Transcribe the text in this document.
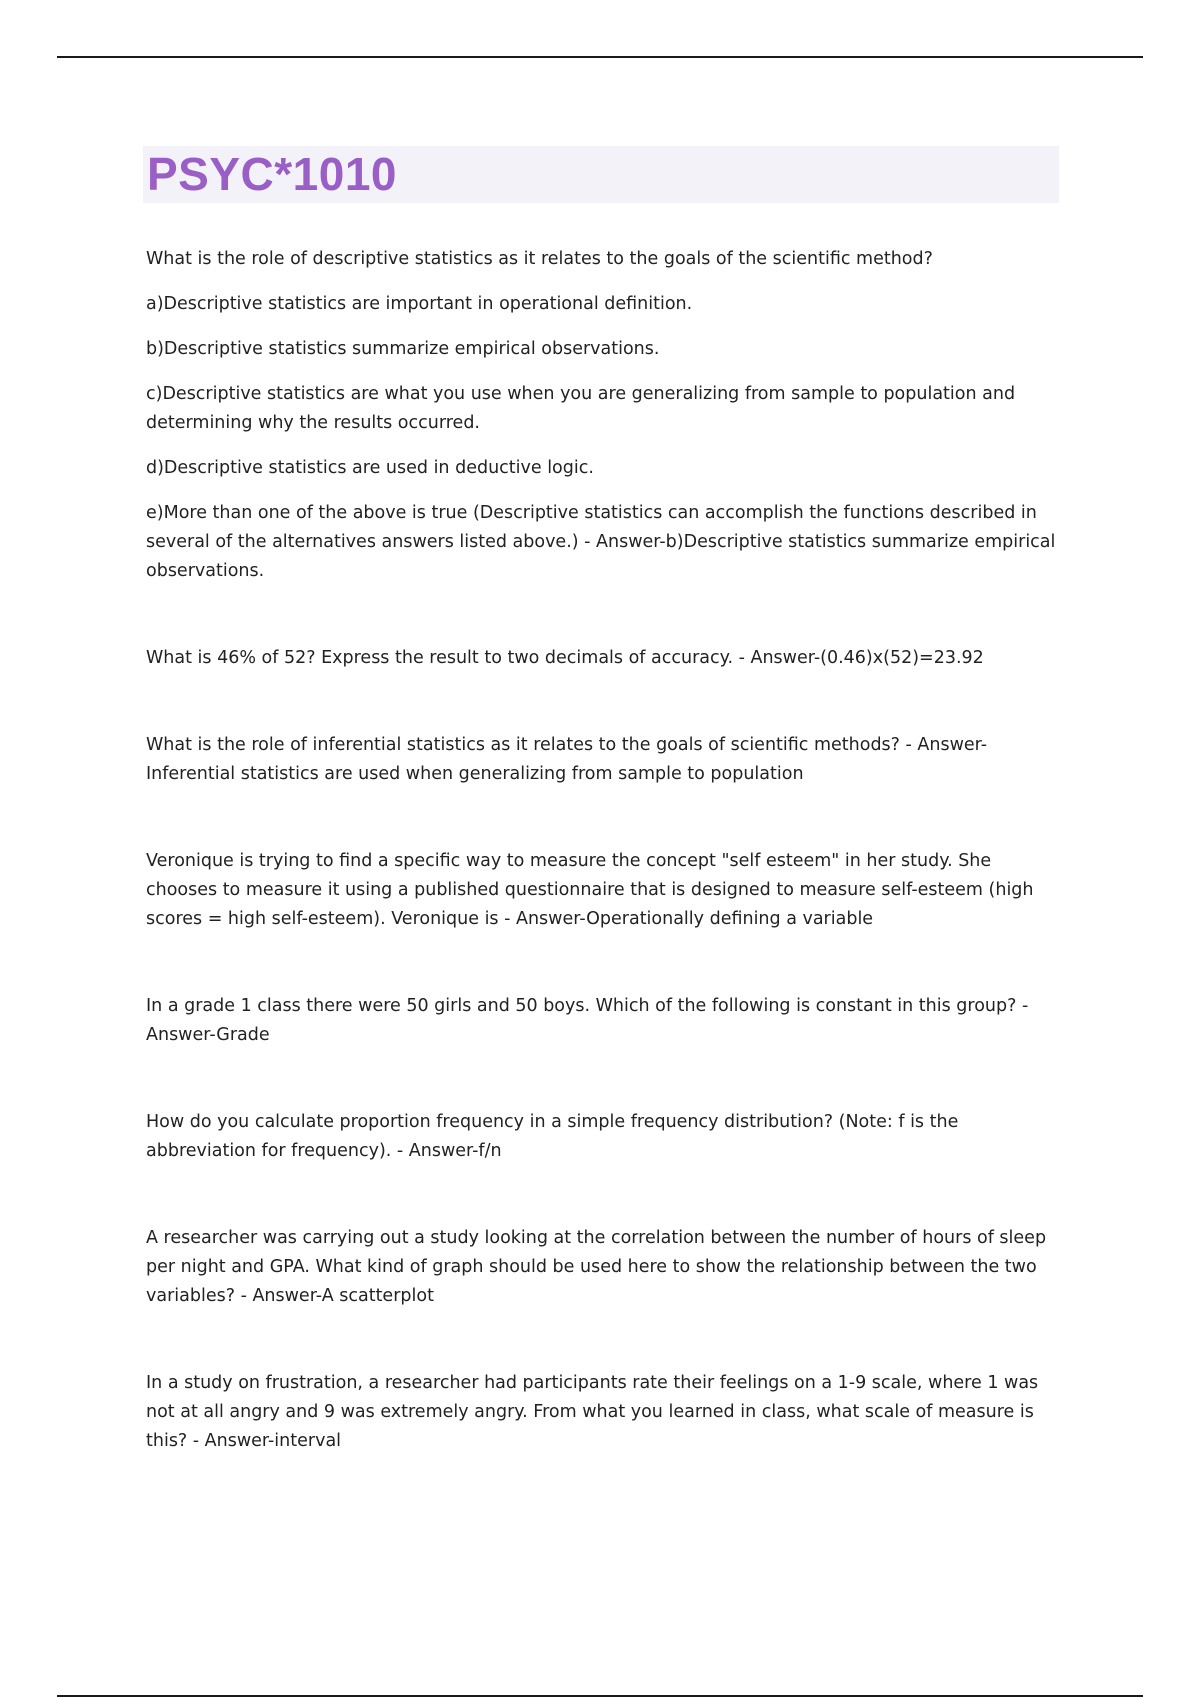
PSYC*1010

What is the role of descriptive statistics as it relates to the goals of the scientific method?

a)Descriptive statistics are important in operational definition.

b)Descriptive statistics summarize empirical observations.

c)Descriptive statistics are what you use when you are generalizing from sample to population and determining why the results occurred.

d)Descriptive statistics are used in deductive logic.

e)More than one of the above is true (Descriptive statistics can accomplish the functions described in several of the alternatives answers listed above.) - Answer-b)Descriptive statistics summarize empirical observations.

What is 46% of 52? Express the result to two decimals of accuracy. - Answer-(0.46)x(52)=23.92

What is the role of inferential statistics as it relates to the goals of scientific methods? - Answer-Inferential statistics are used when generalizing from sample to population

Veronique is trying to find a specific way to measure the concept "self esteem" in her study. She chooses to measure it using a published questionnaire that is designed to measure self-esteem (high scores = high self-esteem). Veronique is - Answer-Operationally defining a variable

In a grade 1 class there were 50 girls and 50 boys. Which of the following is constant in this group? - Answer-Grade

How do you calculate proportion frequency in a simple frequency distribution? (Note: f is the abbreviation for frequency). - Answer-f/n

A researcher was carrying out a study looking at the correlation between the number of hours of sleep per night and GPA. What kind of graph should be used here to show the relationship between the two variables? - Answer-A scatterplot

In a study on frustration, a researcher had participants rate their feelings on a 1-9 scale, where 1 was not at all angry and 9 was extremely angry. From what you learned in class, what scale of measure is this? - Answer-interval
